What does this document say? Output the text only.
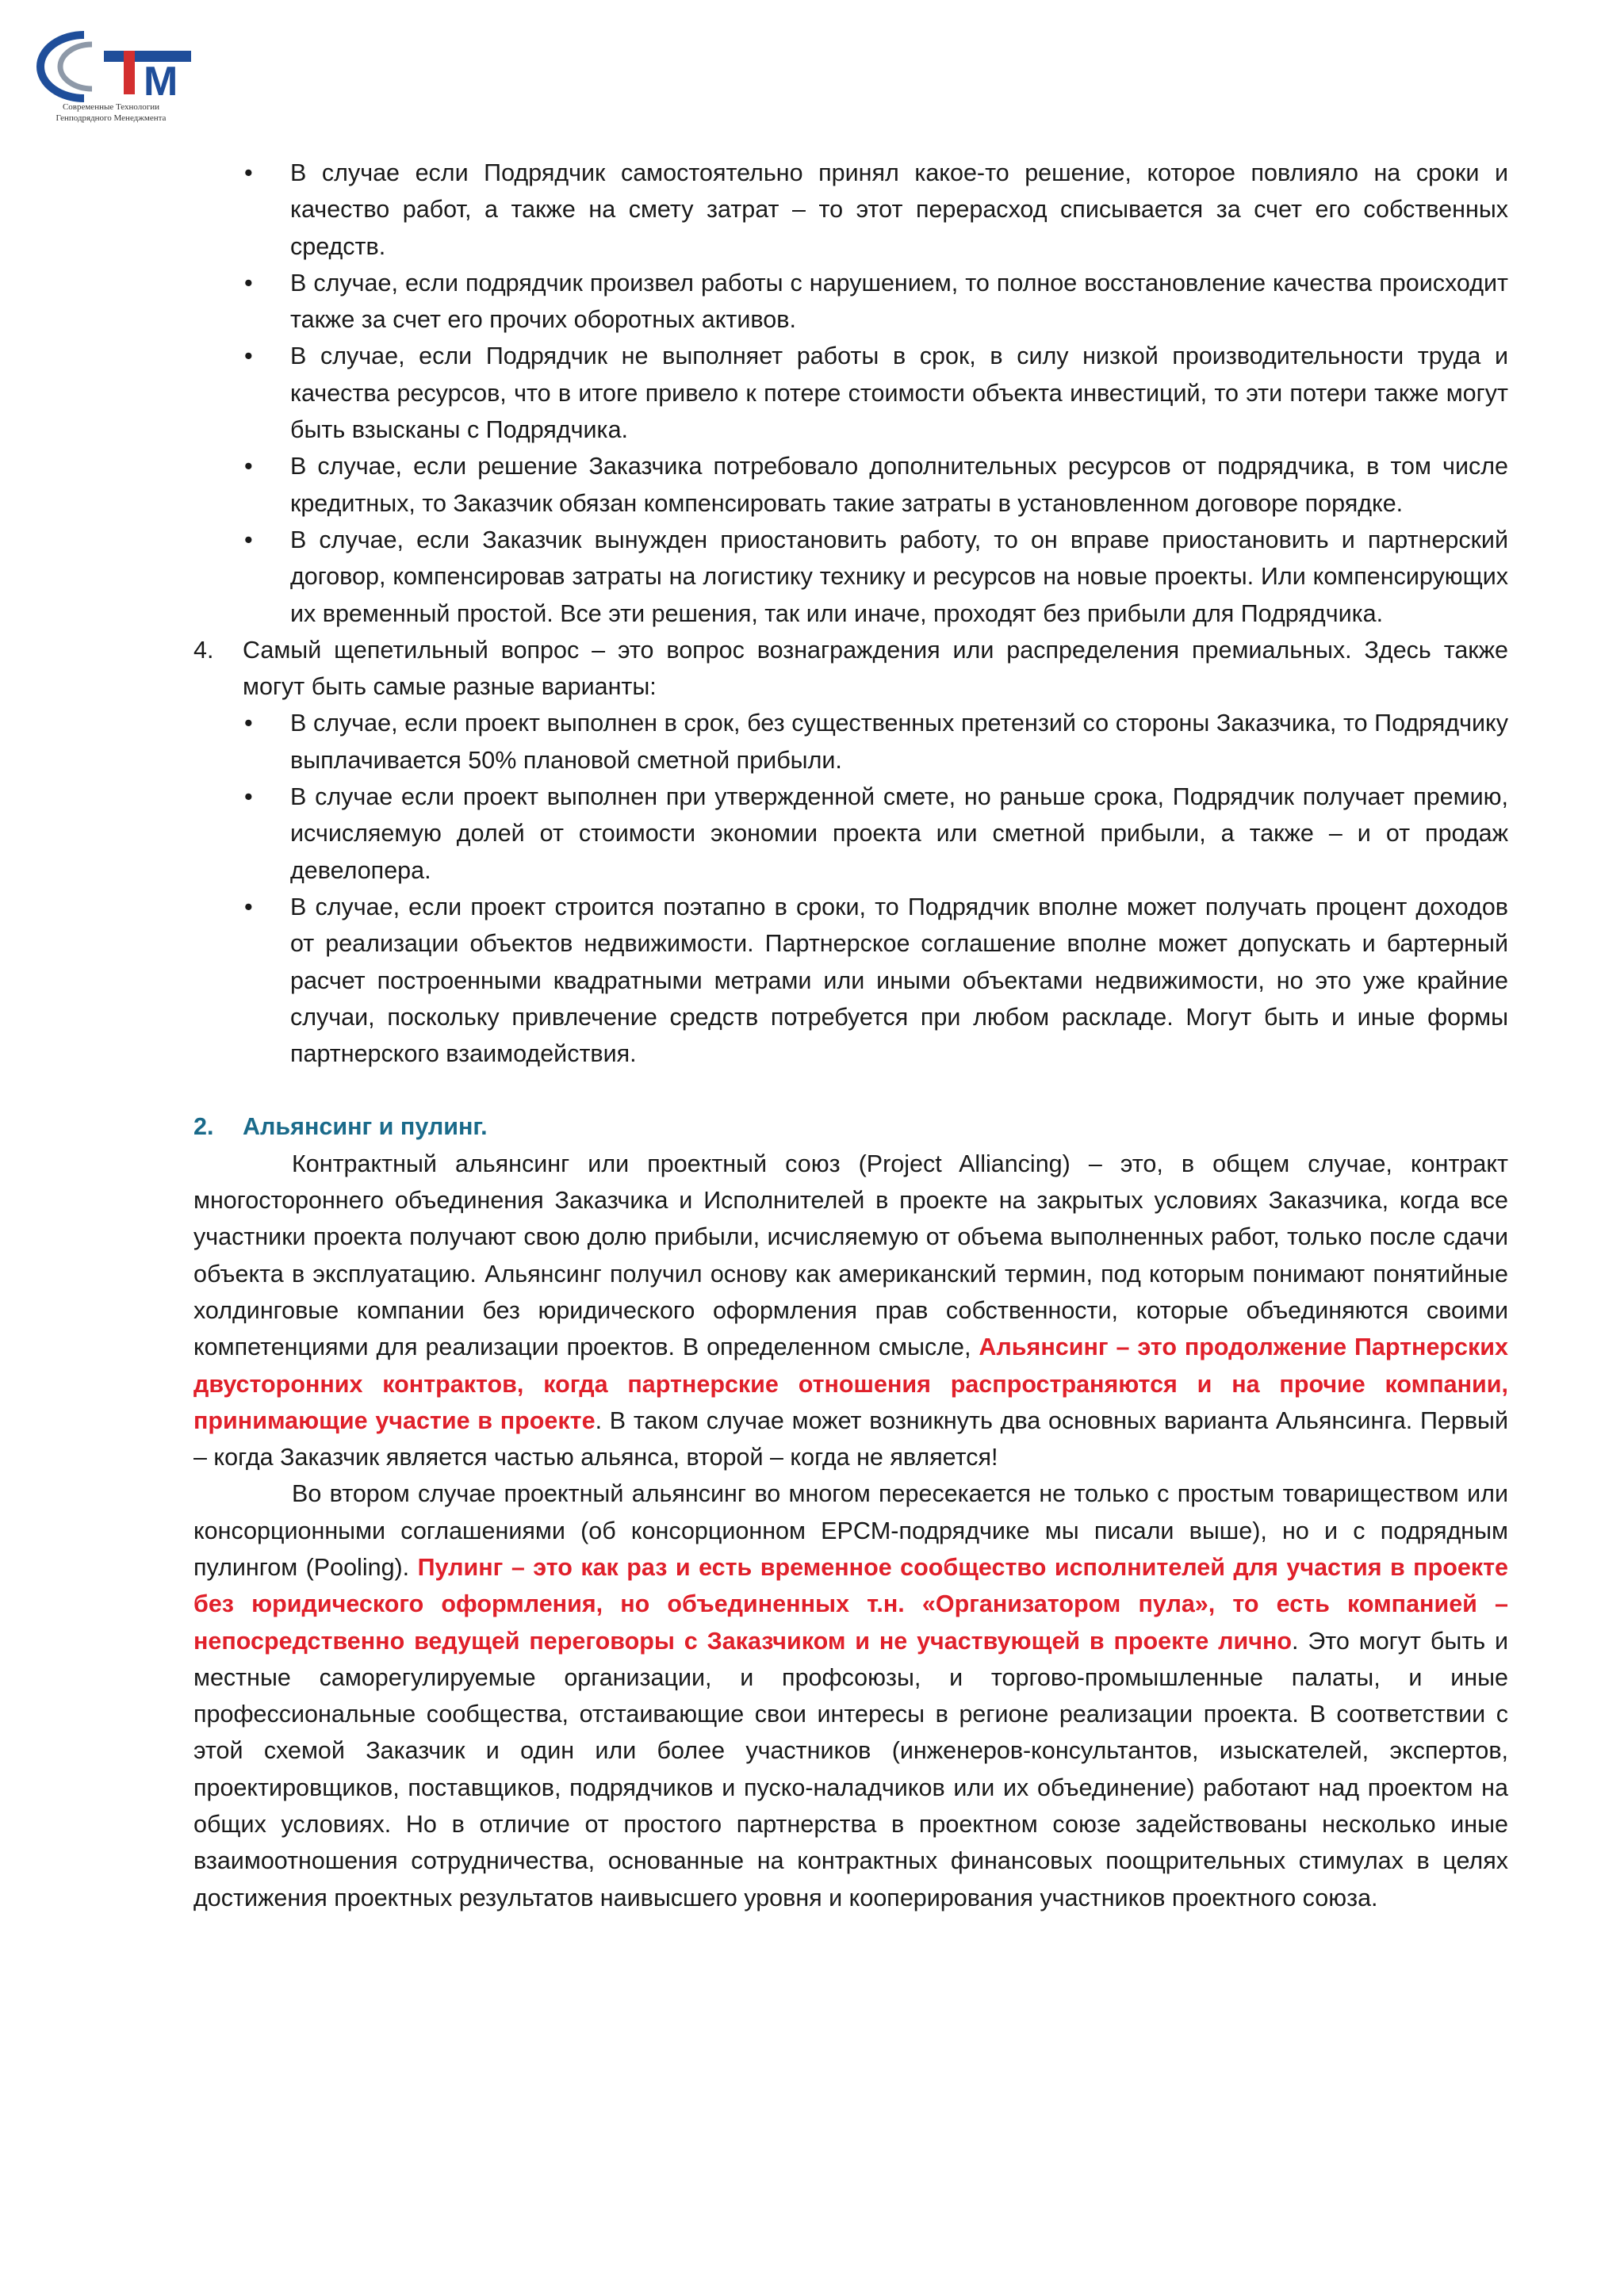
М
Современные Технологии
Генподрядного Менеджмента
• В случае если Подрядчик самостоятельно принял какое-то решение, которое повлияло на сроки и качество работ, а также на смету затрат – то этот перерасход списывается за счет его собственных средств.
• В случае, если подрядчик произвел работы с нарушением, то полное восстановление качества происходит также за счет его прочих оборотных активов.
• В случае, если Подрядчик не выполняет работы в срок, в силу низкой производительности труда и качества ресурсов, что в итоге привело к потере стоимости объекта инвестиций, то эти потери также могут быть взысканы с Подрядчика.
• В случае, если решение Заказчика потребовало дополнительных ресурсов от подрядчика, в том числе кредитных, то Заказчик обязан компенсировать такие затраты в установленном договоре порядке.
• В случае, если Заказчик вынужден приостановить работу, то он вправе приостановить и партнерский договор, компенсировав затраты на логистику технику и ресурсов на новые проекты. Или компенсирующих их временный простой. Все эти решения, так или иначе, проходят без прибыли для Подрядчика.
4. Самый щепетильный вопрос – это вопрос вознаграждения или распределения премиальных. Здесь также могут быть самые разные варианты:
• В случае, если проект выполнен в срок, без существенных претензий со стороны Заказчика, то Подрядчику выплачивается 50% плановой сметной прибыли.
• В случае если проект выполнен при утвержденной смете, но раньше срока, Подрядчик получает премию, исчисляемую долей от стоимости экономии проекта или сметной прибыли, а также – и от продаж девелопера.
• В случае, если проект строится поэтапно в сроки, то Подрядчик вполне может получать процент доходов от реализации объектов недвижимости. Партнерское соглашение вполне может допускать и бартерный расчет построенными квадратными метрами или иными объектами недвижимости, но это уже крайние случаи, поскольку привлечение средств потребуется при любом раскладе. Могут быть и иные формы партнерского взаимодействия.
2. Альянсинг и пулинг.

Контрактный альянсинг или проектный союз (Project Alliancing) – это, в общем случае, контракт многостороннего объединения Заказчика и Исполнителей в проекте на закрытых условиях Заказчика, когда все участники проекта получают свою долю прибыли, исчисляемую от объема выполненных работ, только после сдачи объекта в эксплуатацию. Альянсинг получил основу как американский термин, под которым понимают понятийные холдинговые компании без юридического оформления прав собственности, которые объединяются своими компетенциями для реализации проектов. В определенном смысле, Альянсинг – это продолжение Партнерских двусторонних контрактов, когда партнерские отношения распространяются и на прочие компании, принимающие участие в проекте. В таком случае может возникнуть два основных варианта Альянсинга. Первый – когда Заказчик является частью альянса, второй – когда не является!

Во втором случае проектный альянсинг во многом пересекается не только с простым товариществом или консорционными соглашениями (об консорционном EPCM-подрядчике мы писали выше), но и с подрядным пулингом (Pooling). Пулинг – это как раз и есть временное сообщество исполнителей для участия в проекте без юридического оформления, но объединенных т.н. «Организатором пула», то есть компанией – непосредственно ведущей переговоры с Заказчиком и не участвующей в проекте лично. Это могут быть и местные саморегулируемые организации, и профсоюзы, и торгово-промышленные палаты, и иные профессиональные сообщества, отстаивающие свои интересы в регионе реализации проекта. В соответствии с этой схемой Заказчик и один или более участников (инженеров-консультантов, изыскателей, экспертов, проектировщиков, поставщиков, подрядчиков и пуско-наладчиков или их объединение) работают над проектом на общих условиях. Но в отличие от простого партнерства в проектном союзе задействованы несколько иные взаимоотношения сотрудничества, основанные на контрактных финансовых поощрительных стимулах в целях достижения проектных результатов наивысшего уровня и кооперирования участников проектного союза.
